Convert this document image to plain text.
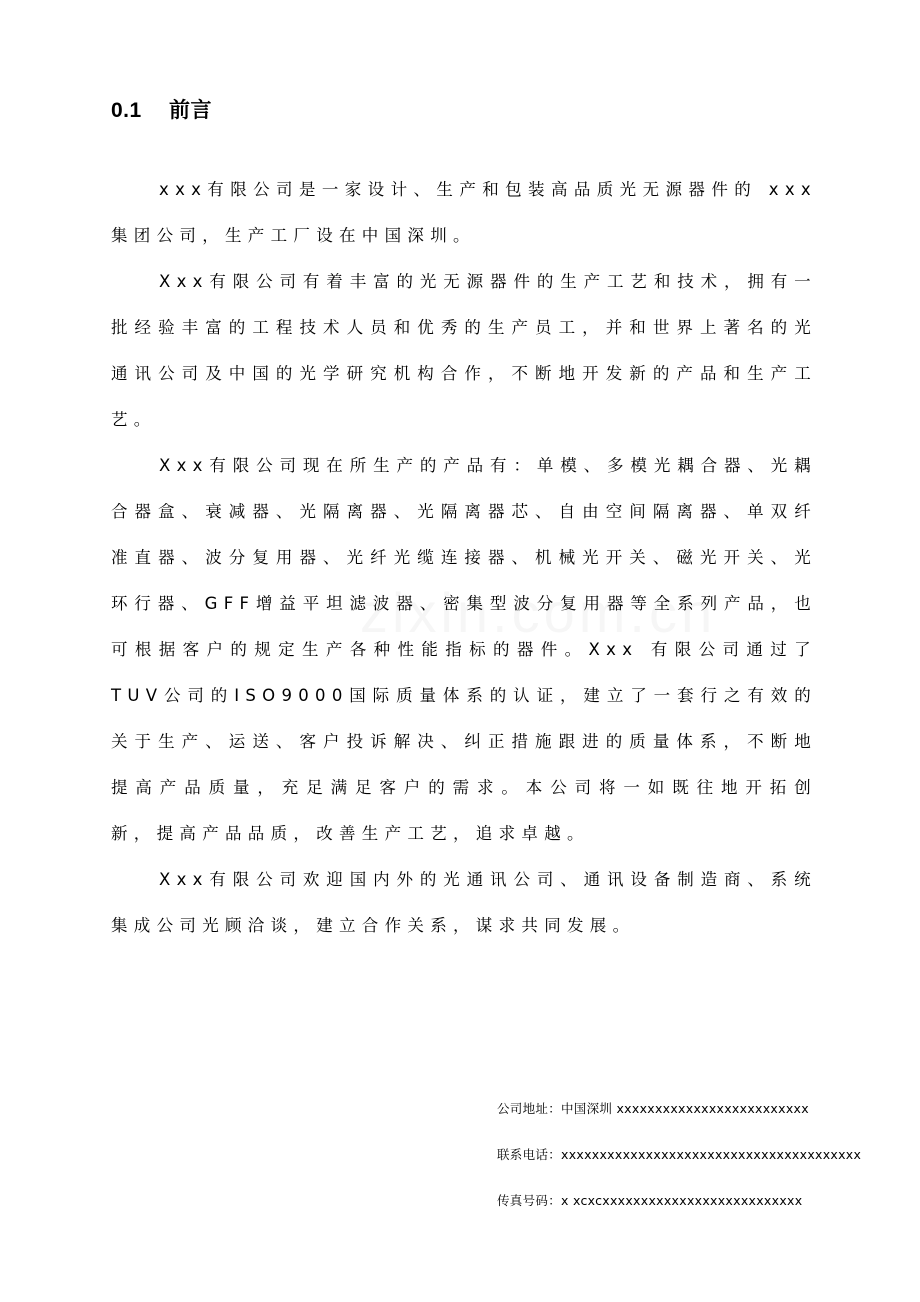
0.1 前言

xxx有限公司是一家设计、生产和包装高品质光无源器件的 xxx 集团公司，生产工厂设在中国深圳。

Xxx有限公司有着丰富的光无源器件的生产工艺和技术，拥有一批经验丰富的工程技术人员和优秀的生产员工，并和世界上著名的光通讯公司及中国的光学研究机构合作，不断地开发新的产品和生产工艺。

Xxx有限公司现在所生产的产品有：单模、多模光耦合器、光耦合器盒、衰减器、光隔离器、光隔离器芯、自由空间隔离器、单双纤准直器、波分复用器、光纤光缆连接器、机械光开关、磁光开关、光环行器、GFF增益平坦滤波器、密集型波分复用器等全系列产品，也可根据客户的规定生产各种性能指标的器件。Xxx 有限公司通过了TUV公司的ISO9000国际质量体系的认证，建立了一套行之有效的关于生产、运送、客户投诉解决、纠正措施跟进的质量体系，不断地提高产品质量，充足满足客户的需求。本公司将一如既往地开拓创新，提高产品品质，改善生产工艺，追求卓越。

Xxx有限公司欢迎国内外的光通讯公司、通讯设备制造商、系统集成公司光顾洽谈，建立合作关系，谋求共同发展。

公司地址：中国深圳 xxxxxxxxxxxxxxxxxxxxxxxxx
联系电话：xxxxxxxxxxxxxxxxxxxxxxxxxxxxxxxxxxxxxxx
传真号码：x xcxcxxxxxxxxxxxxxxxxxxxxxxxxxx
